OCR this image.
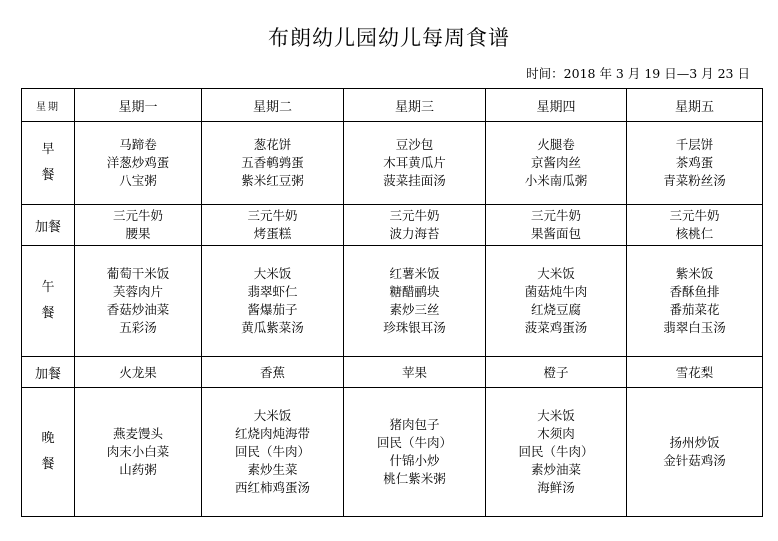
布朗幼儿园幼儿每周食谱
时间：2018 年 3 月 19 日—3 月 23 日
星期	星期一	星期二	星期三	星期四	星期五

早
餐	马蹄卷
洋葱炒鸡蛋
八宝粥	葱花饼
五香鹌鹑蛋
紫米红豆粥	豆沙包
木耳黄瓜片
菠菜挂面汤	火腿卷
京酱肉丝
小米南瓜粥	千层饼
茶鸡蛋
青菜粉丝汤

加餐	三元牛奶
腰果	三元牛奶
烤蛋糕	三元牛奶
波力海苔	三元牛奶
果酱面包	三元牛奶
核桃仁

午
餐	葡萄干米饭
芙蓉肉片
香菇炒油菜
五彩汤	大米饭
翡翠虾仁
酱爆茄子
黄瓜紫菜汤	红薯米饭
糖醋鹂块
素炒三丝
珍珠银耳汤	大米饭
菌菇炖牛肉
红烧豆腐
菠菜鸡蛋汤	紫米饭
香酥鱼排
番茄菜花
翡翠白玉汤

加餐	火龙果	香蕉	苹果	橙子	雪花梨

晚
餐	燕麦馒头
肉末小白菜
山药粥	大米饭
红烧肉炖海带
回民（牛肉）
素炒生菜
西红柿鸡蛋汤	猪肉包子
回民（牛肉）
什锦小炒
桃仁紫米粥	大米饭
木须肉
回民（牛肉）
素炒油菜
海鲜汤	扬州炒饭
金针菇鸡汤
